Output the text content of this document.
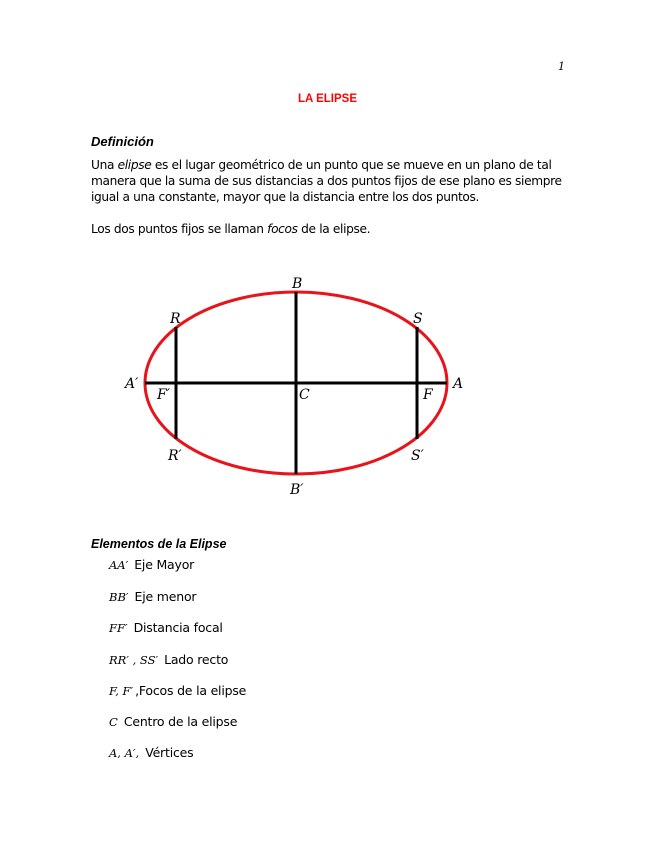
1
LA ELIPSE
Definición
Una elipse es el lugar geométrico de un punto que se mueve en un plano de tal manera que la suma de sus distancias a dos puntos fijos de ese plano es siempre igual a una constante, mayor que la distancia entre los dos puntos.
Los dos puntos fijos se llaman focos de la elipse.
B
R	S
A′
F′	C	F
A
R′	S′
B′
Elementos de la Elipse
AA′ Eje Mayor
BB′ Eje menor
FF′ Distancia focal
RR′ , SS′ Lado recto
F, F′ ,Focos de la elipse
C Centro de la elipse
A, A′, Vértices
